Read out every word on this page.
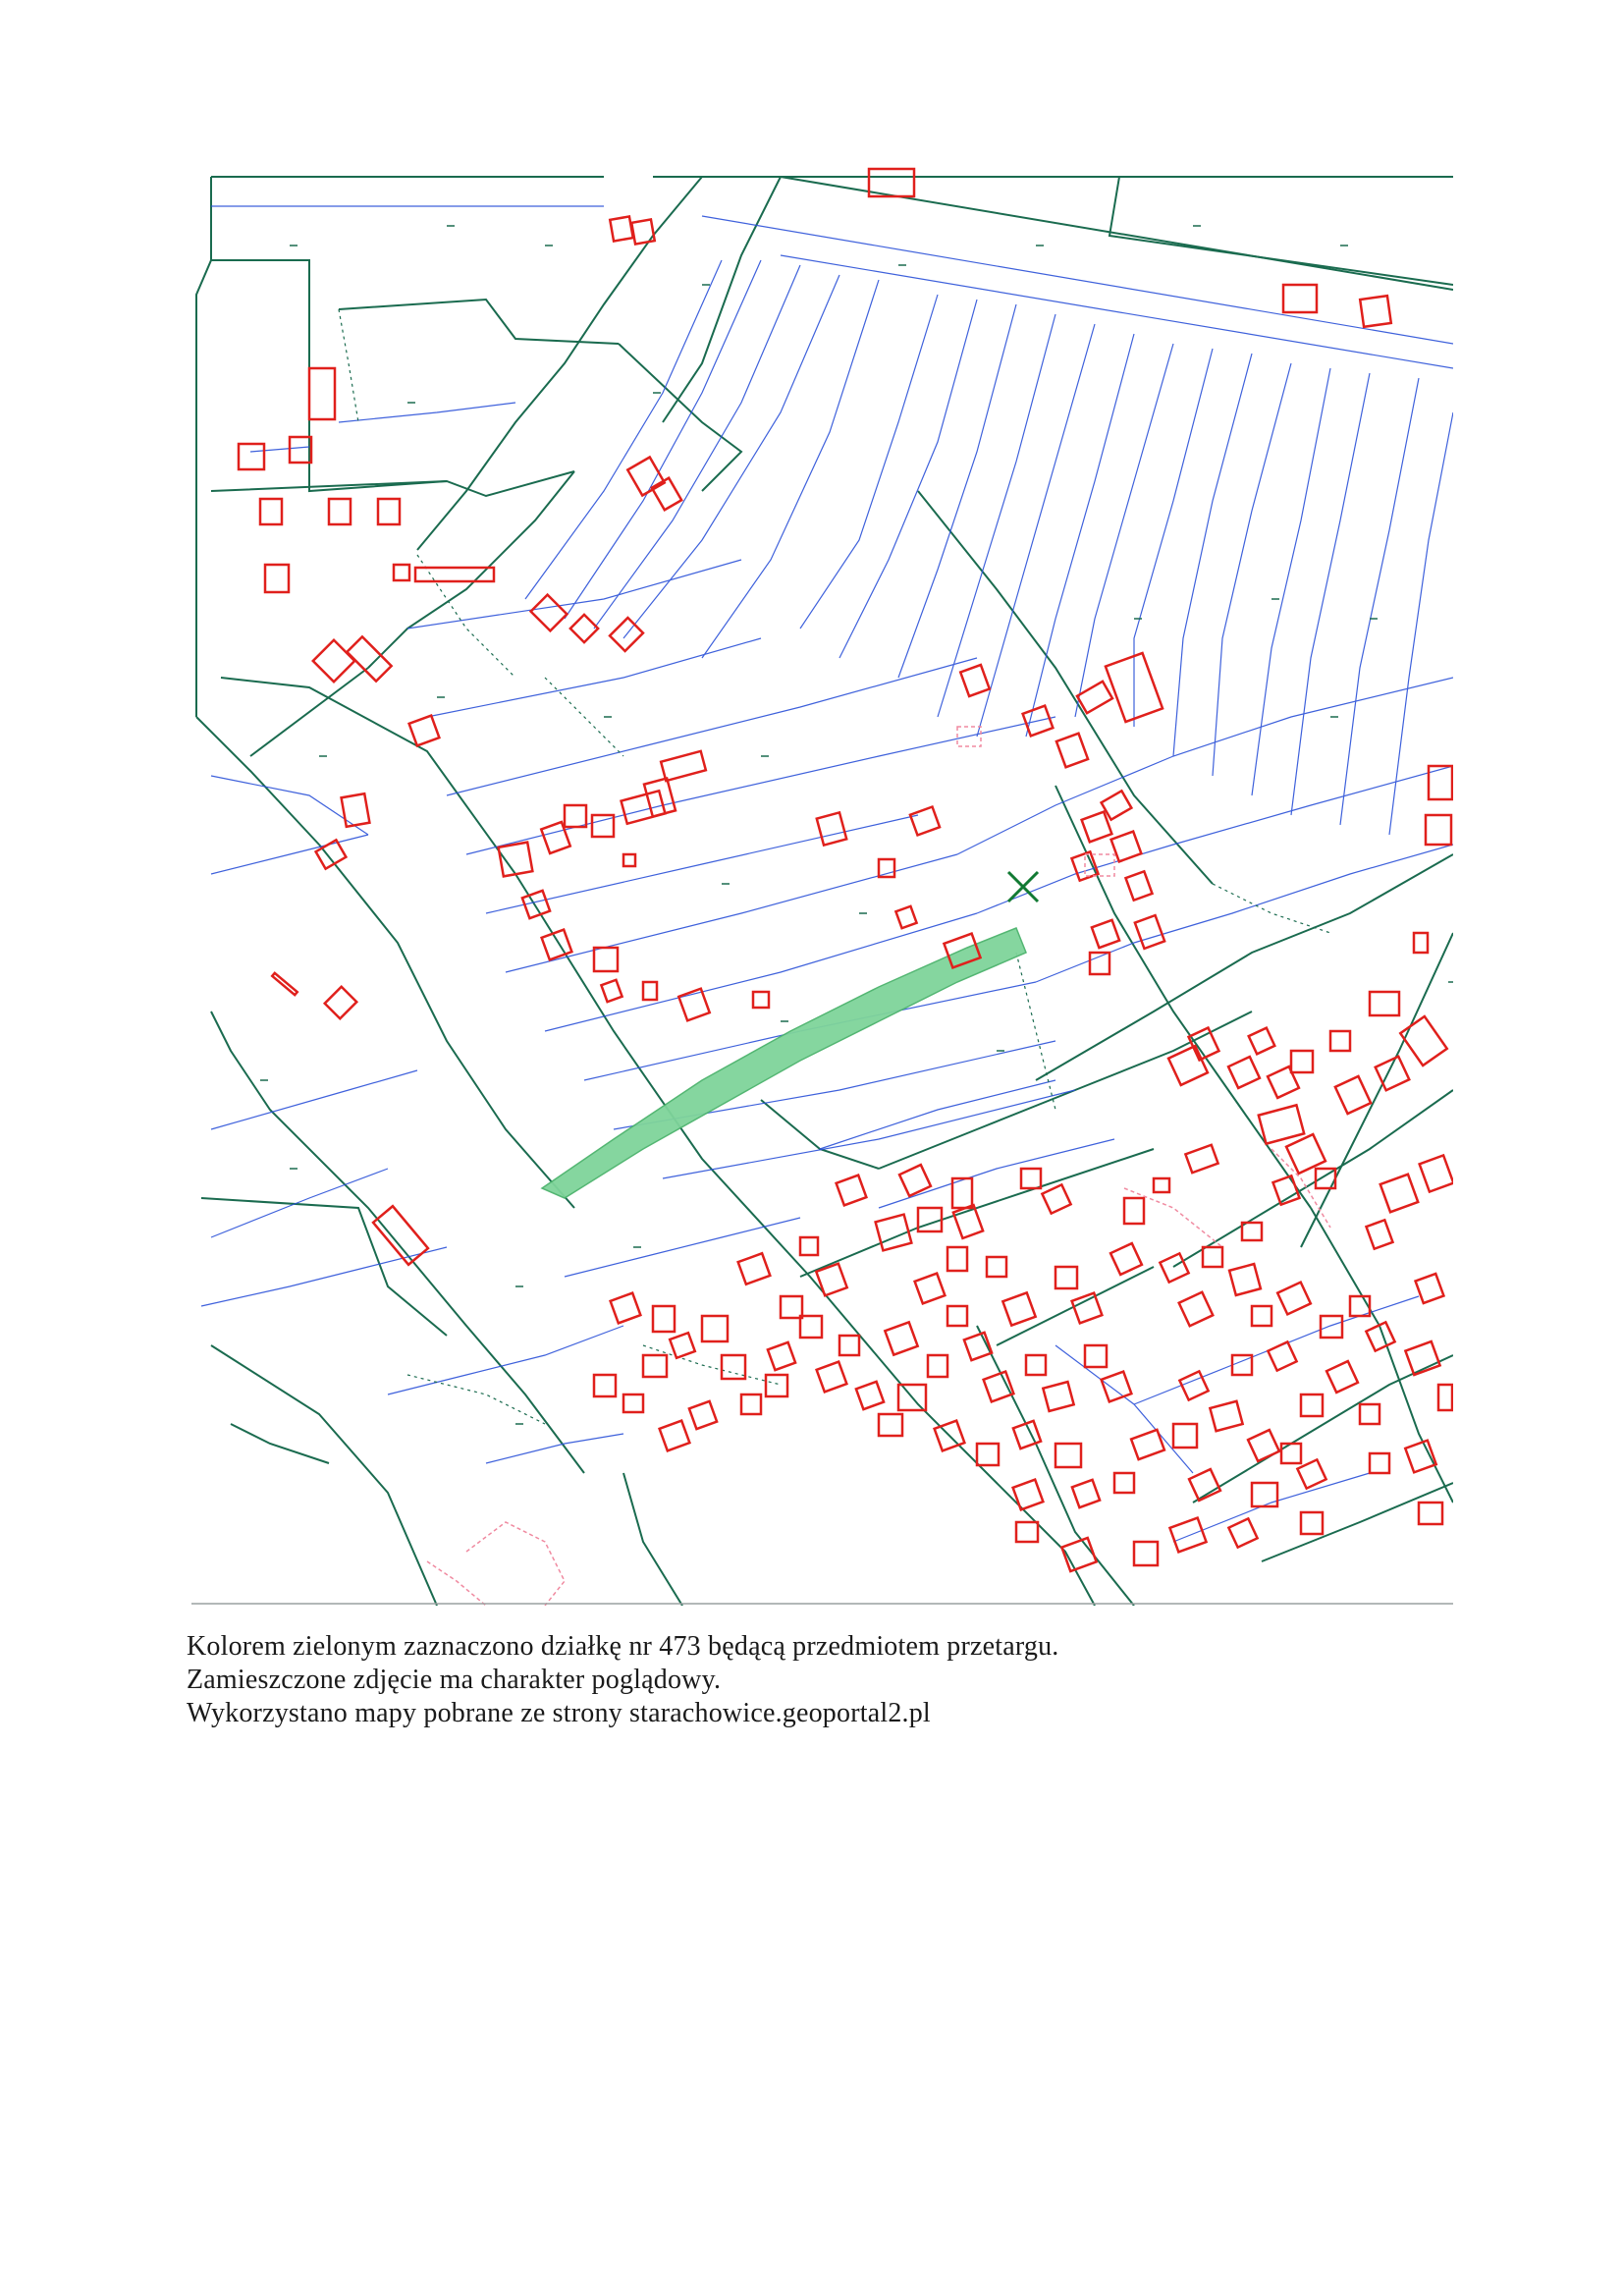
Kolorem zielonym zaznaczono działkę nr 473 będącą przedmiotem przetargu.
Zamieszczone zdjęcie ma charakter poglądowy.
Wykorzystano mapy pobrane ze strony starachowice.geoportal2.pl
